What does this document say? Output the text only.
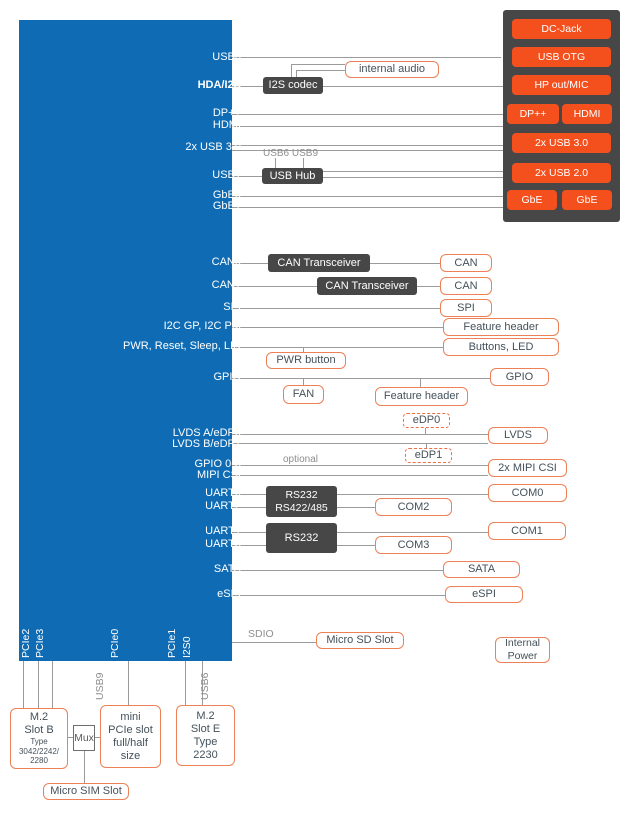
USB0
HDA/I2S
DP++
HDMI
2x USB 3.0
USB1
GbE0
GbE1
CAN0
CAN1
SPI
I2C GP, I2C PM
PWR, Reset, Sleep, LID
GPIO
LVDS A/eDP0
LVDS B/eDP1
GPIO 0-3
MIPI CSI
UART0
UART2
UART1
UART3
SATA
eSPI
USB4 PCIe2 PCIe3	PCIe0	PCIe1 I2S0
USB9	USB6
I2S codec
USB6 USB9
USB Hub
CAN Transceiver
CAN Transceiver
RS232
RS422/485
RS232
DC-Jack
USB OTG
HP out/MIC
DP++	HDMI
2x USB 3.0
2x USB 2.0
GbE	GbE
internal audio
PWR button
FAN	Feature header
eDP0
eDP1
CAN
CAN
SPI
Feature header
Buttons, LED
GPIO
LVDS
2x MIPI CSI
COM0
COM2
COM1
COM3
SATA
eSPI
Micro SD Slot	Internal
Power
M.2
Slot B
Type
3042/2242/
2280
Mux
mini
PCIe slot
full/half
size
M.2
Slot E
Type
2230
Micro SIM Slot
optional
SDIO
